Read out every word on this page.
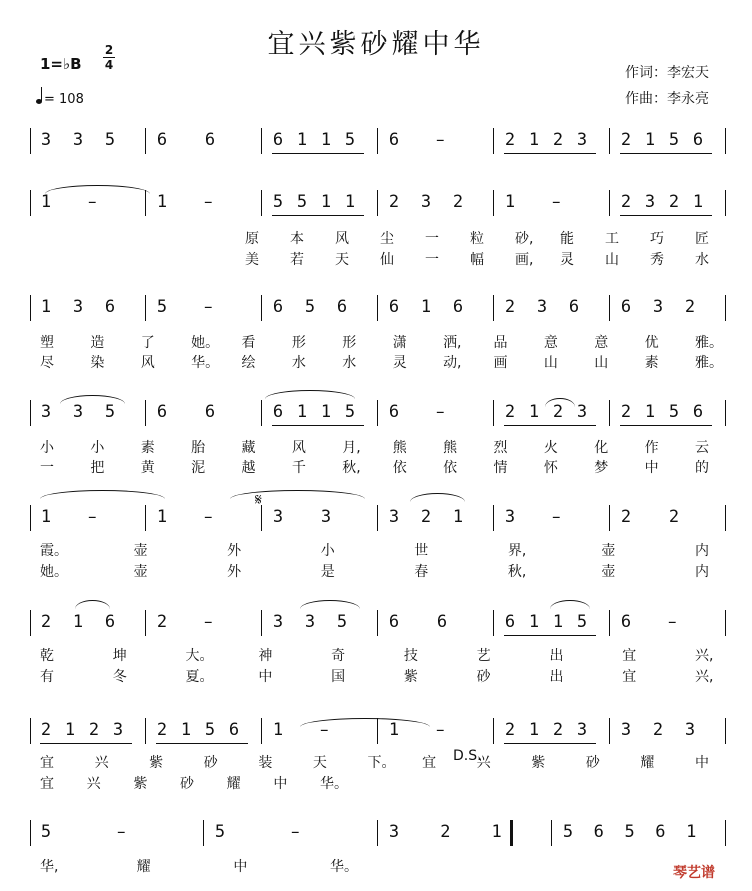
宜兴紫砂耀中华
1=♭B
2
4
= 108
作词：李宏天
作曲：李永亮
3 3 5 6 6	6 1 1 5 6 –	2 1 2 3 2 1 5 6
1 –	1 –	5 5 1 1 2 3 2 1 –	2 3 2 1
1 3 6 5 –	6 5 6 6 1 6 2 3 6 6 3 2
3 3 5 6 6	6 1 1 5 6 –	2 1 2 3 2 1 5 6
1 –	1 –	3 3	3 2 1 3 –	2 2
2 1 6 2 –	3 3 5 6 6	6 1 1 5 6 –
2 1 2 3 2 1 5 6 1 –	1 –	2 1 2 3 3 2 3
5	–	5	–	3 2 1	5 6 5 6 1
原 本 风 尘 一 粒 砂, 能 工 巧 匠
美 若 天 仙 一 幅 画, 灵 山 秀 水
塑	造	了	她。 看	形	形	潇	洒, 品	意	意	优	雅。
尽	染	风	华。 绘	水	水	灵	动, 画	山	山	素	雅。
小	小	素	胎	藏	风	月, 熊	熊	烈	火	化	作	云
一	把	黄	泥	越	千	秋, 依	依	情	怀	梦	中	的
霞。	壶	外	小	世	界,	壶	内
她。	壶	外	是	春	秋,	壶	内
乾	坤	大。	神	奇	技	艺	出	宜	兴,
有	冬	夏。	中	国	紫	砂	出	宜	兴,
宜	兴	紫	砂	装	天	下。 宜	兴	紫	砂	耀	中
宜 兴 紫 砂 耀 中 华。
华,	耀	中	华。
𝄋
D.S.
琴艺谱
